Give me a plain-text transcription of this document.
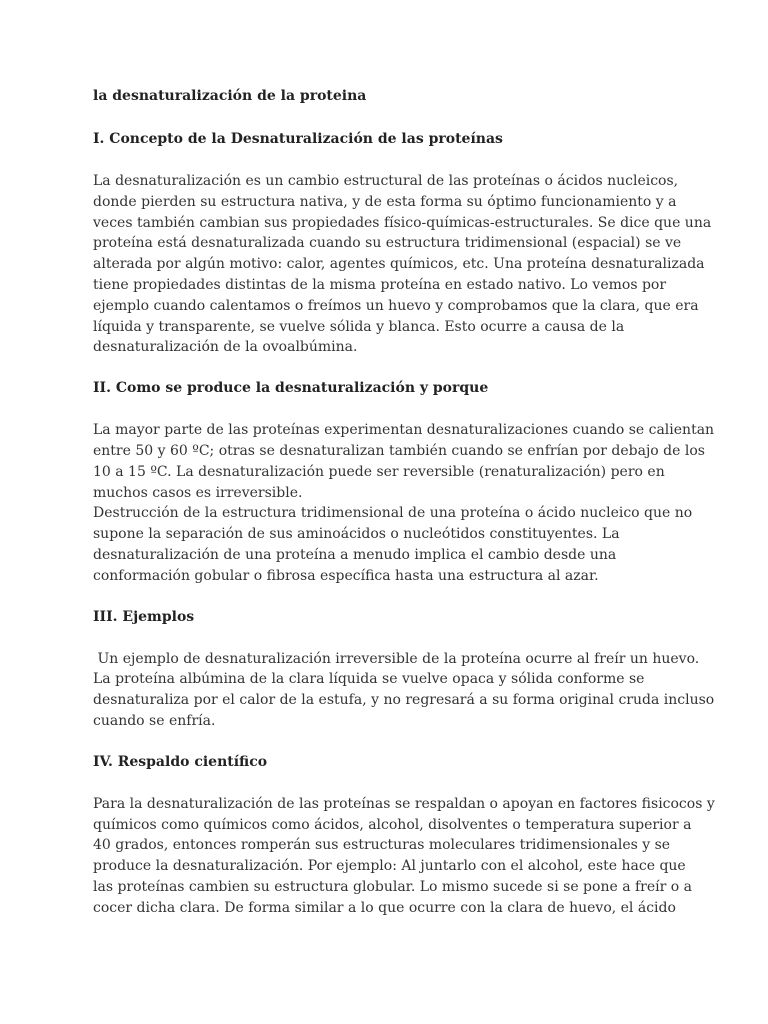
la desnaturalización de la proteina
I. Concepto de la Desnaturalización de las proteínas

La desnaturalización es un cambio estructural de las proteínas o ácidos nucleicos,
donde pierden su estructura nativa, y de esta forma su óptimo funcionamiento y a
veces también cambian sus propiedades físico-químicas-estructurales. Se dice que una
proteína está desnaturalizada cuando su estructura tridimensional (espacial) se ve
alterada por algún motivo: calor, agentes químicos, etc. Una proteína desnaturalizada
tiene propiedades distintas de la misma proteína en estado nativo. Lo vemos por
ejemplo cuando calentamos o freímos un huevo y comprobamos que la clara, que era
líquida y transparente, se vuelve sólida y blanca. Esto ocurre a causa de la
desnaturalización de la ovoalbúmina.

II. Como se produce la desnaturalización y porque

La mayor parte de las proteínas experimentan desnaturalizaciones cuando se calientan
entre 50 y 60 ºC; otras se desnaturalizan también cuando se enfrían por debajo de los
10 a 15 ºC. La desnaturalización puede ser reversible (renaturalización) pero en
muchos casos es irreversible.
Destrucción de la estructura tridimensional de una proteína o ácido nucleico que no
supone la separación de sus aminoácidos o nucleótidos constituyentes. La
desnaturalización de una proteína a menudo implica el cambio desde una
conformación gobular o fibrosa específica hasta una estructura al azar.

III. Ejemplos

Un ejemplo de desnaturalización irreversible de la proteína ocurre al freír un huevo.
La proteína albúmina de la clara líquida se vuelve opaca y sólida conforme se
desnaturaliza por el calor de la estufa, y no regresará a su forma original cruda incluso
cuando se enfría.

IV. Respaldo científico

Para la desnaturalización de las proteínas se respaldan o apoyan en factores fisicocos y
químicos como químicos como ácidos, alcohol, disolventes o temperatura superior a
40 grados, entonces romperán sus estructuras moleculares tridimensionales y se
produce la desnaturalización. Por ejemplo: Al juntarlo con el alcohol, este hace que
las proteínas cambien su estructura globular. Lo mismo sucede si se pone a freír o a
cocer dicha clara. De forma similar a lo que ocurre con la clara de huevo, el ácido
